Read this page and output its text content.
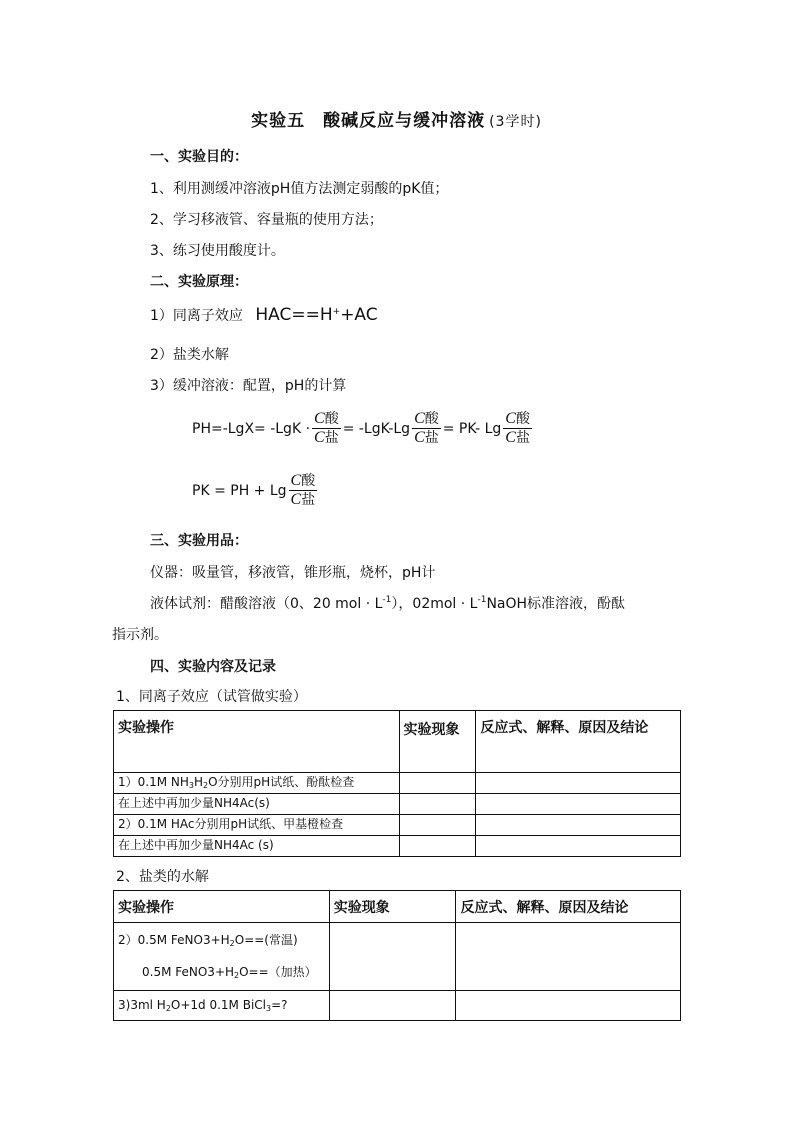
实验五　酸碱反应与缓冲溶液 (3学时)
一、实验目的：
1、利用测缓冲溶液pH值方法测定弱酸的pK值；
2、学习移液管、容量瓶的使用方法；
3、练习使用酸度计。
二、实验原理：
1）同离子效应 HAC==H++AC
2）盐类水解
3）缓冲溶液：配置，pH的计算
$PH=-LgX= -LgK \cdot \frac{\text{C酸}}{\text{C盐}} = -LgK-Lg \frac{\text{C酸}}{\text{C盐}} = PK-$ Lg $\frac{\text{C酸}}{\text{C盐}}$
PK = PH + Lg $\frac{\text{C酸}}{\text{C盐}}$
三、实验用品：
仪器：吸量管，移液管，锥形瓶，烧杯，pH计
液体试剂：醋酸溶液（0、20 mol · $L^{-1}$），$02mol \cdot L^{-1}NaOH$标准溶液，酚酞
指示剂。
四、实验内容及记录
1、同离子效应（试管做实验）
实验操作	实验现象	反应式、解释、原因及结论
1）0.1M $NH_3H_2O$分别用pH试纸、酚酞检查		
在上述中再加少量NH4Ac(s)		
2）0.1M HAc分别用pH试纸、甲基橙检查		
在上述中再加少量NH4Ac (s)		
2、盐类的水解
实验操作	实验现象	反应式、解释、原因及结论

2）0.5M $FeNO3+H_2O==$(常温)
0.5M $FeNO3+H_2O==$（加热）		

3)3ml $H_2O+1d$ 0.1M BiCl$_3$=?		
